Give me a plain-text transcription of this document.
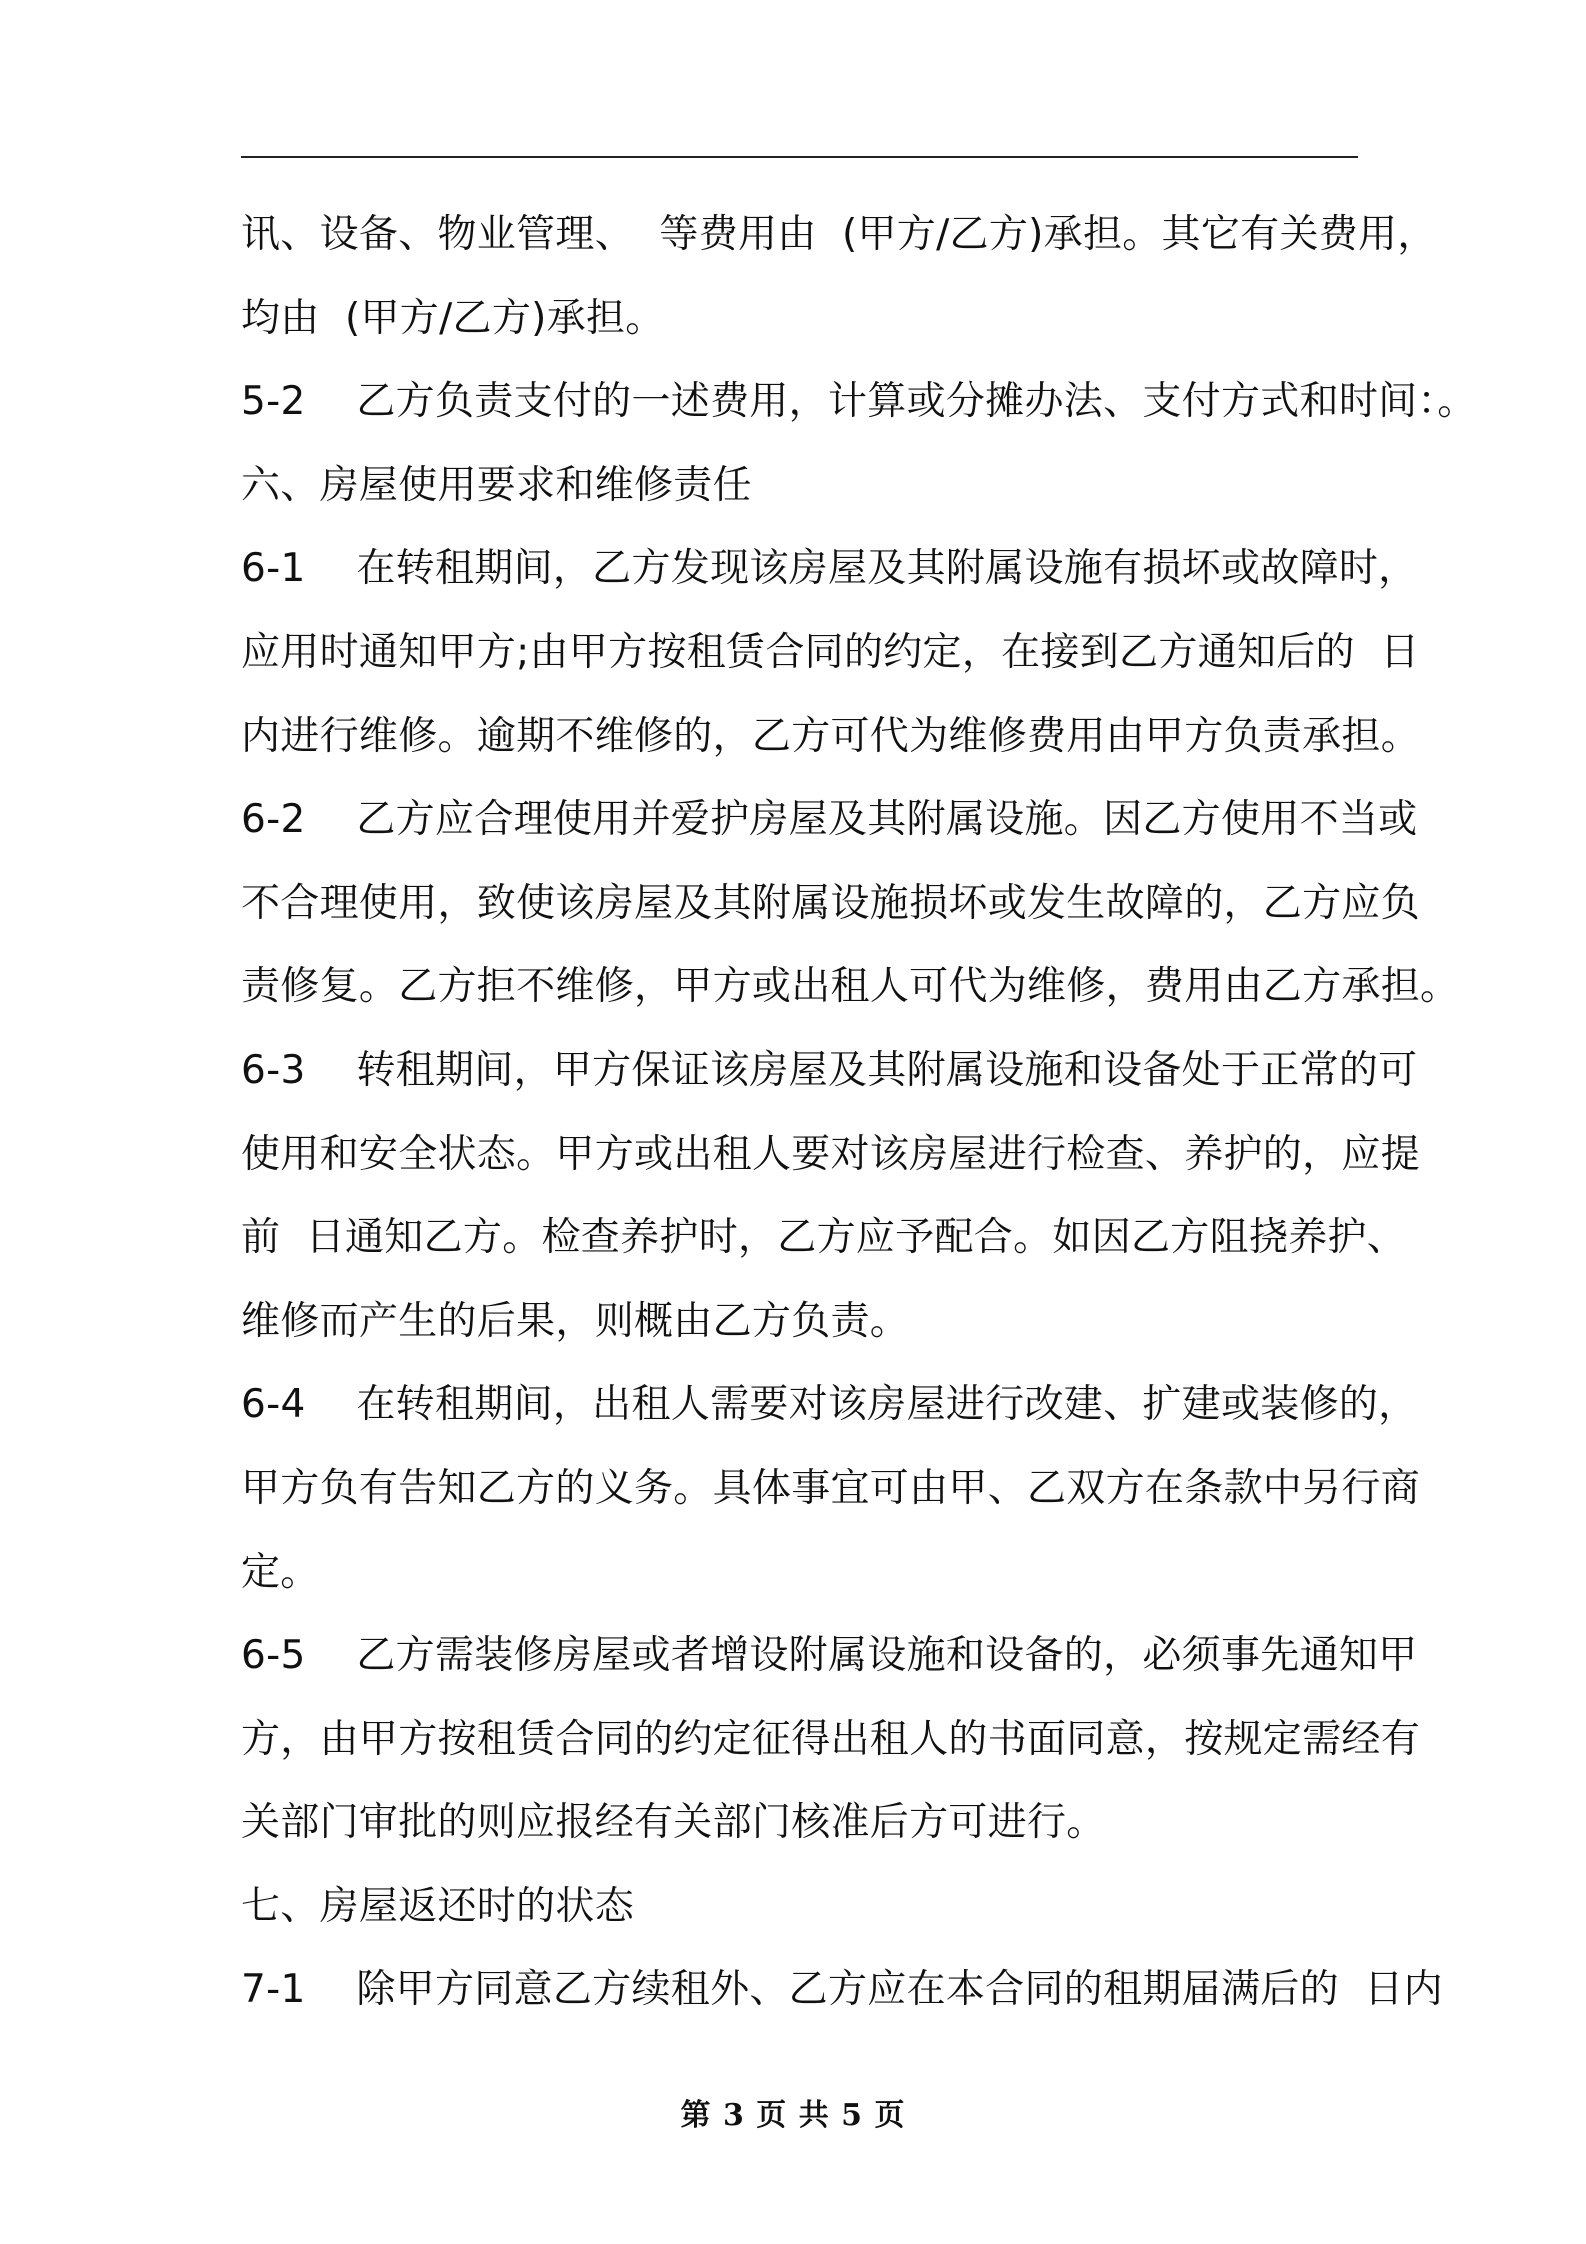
讯、设备、物业管理、  等费用由  (甲方/乙方)承担。其它有关费用，
均由  (甲方/乙方)承担。
5-2    乙方负责支付的一述费用，计算或分摊办法、支付方式和时间：。
六、房屋使用要求和维修责任
6-1    在转租期间，乙方发现该房屋及其附属设施有损坏或故障时，
应用时通知甲方;由甲方按租赁合同的约定，在接到乙方通知后的  日
内进行维修。逾期不维修的，乙方可代为维修费用由甲方负责承担。
6-2    乙方应合理使用并爱护房屋及其附属设施。因乙方使用不当或
不合理使用，致使该房屋及其附属设施损坏或发生故障的，乙方应负
责修复。乙方拒不维修，甲方或出租人可代为维修，费用由乙方承担。
6-3    转租期间，甲方保证该房屋及其附属设施和设备处于正常的可
使用和安全状态。甲方或出租人要对该房屋进行检查、养护的，应提
前  日通知乙方。检查养护时，乙方应予配合。如因乙方阻挠养护、
维修而产生的后果，则概由乙方负责。
6-4    在转租期间，出租人需要对该房屋进行改建、扩建或装修的，
甲方负有告知乙方的义务。具体事宜可由甲、乙双方在条款中另行商
定。
6-5    乙方需装修房屋或者增设附属设施和设备的，必须事先通知甲
方，由甲方按租赁合同的约定征得出租人的书面同意，按规定需经有
关部门审批的则应报经有关部门核准后方可进行。
七、房屋返还时的状态
7-1    除甲方同意乙方续租外、乙方应在本合同的租期届满后的  日内
第 3 页 共 5 页
